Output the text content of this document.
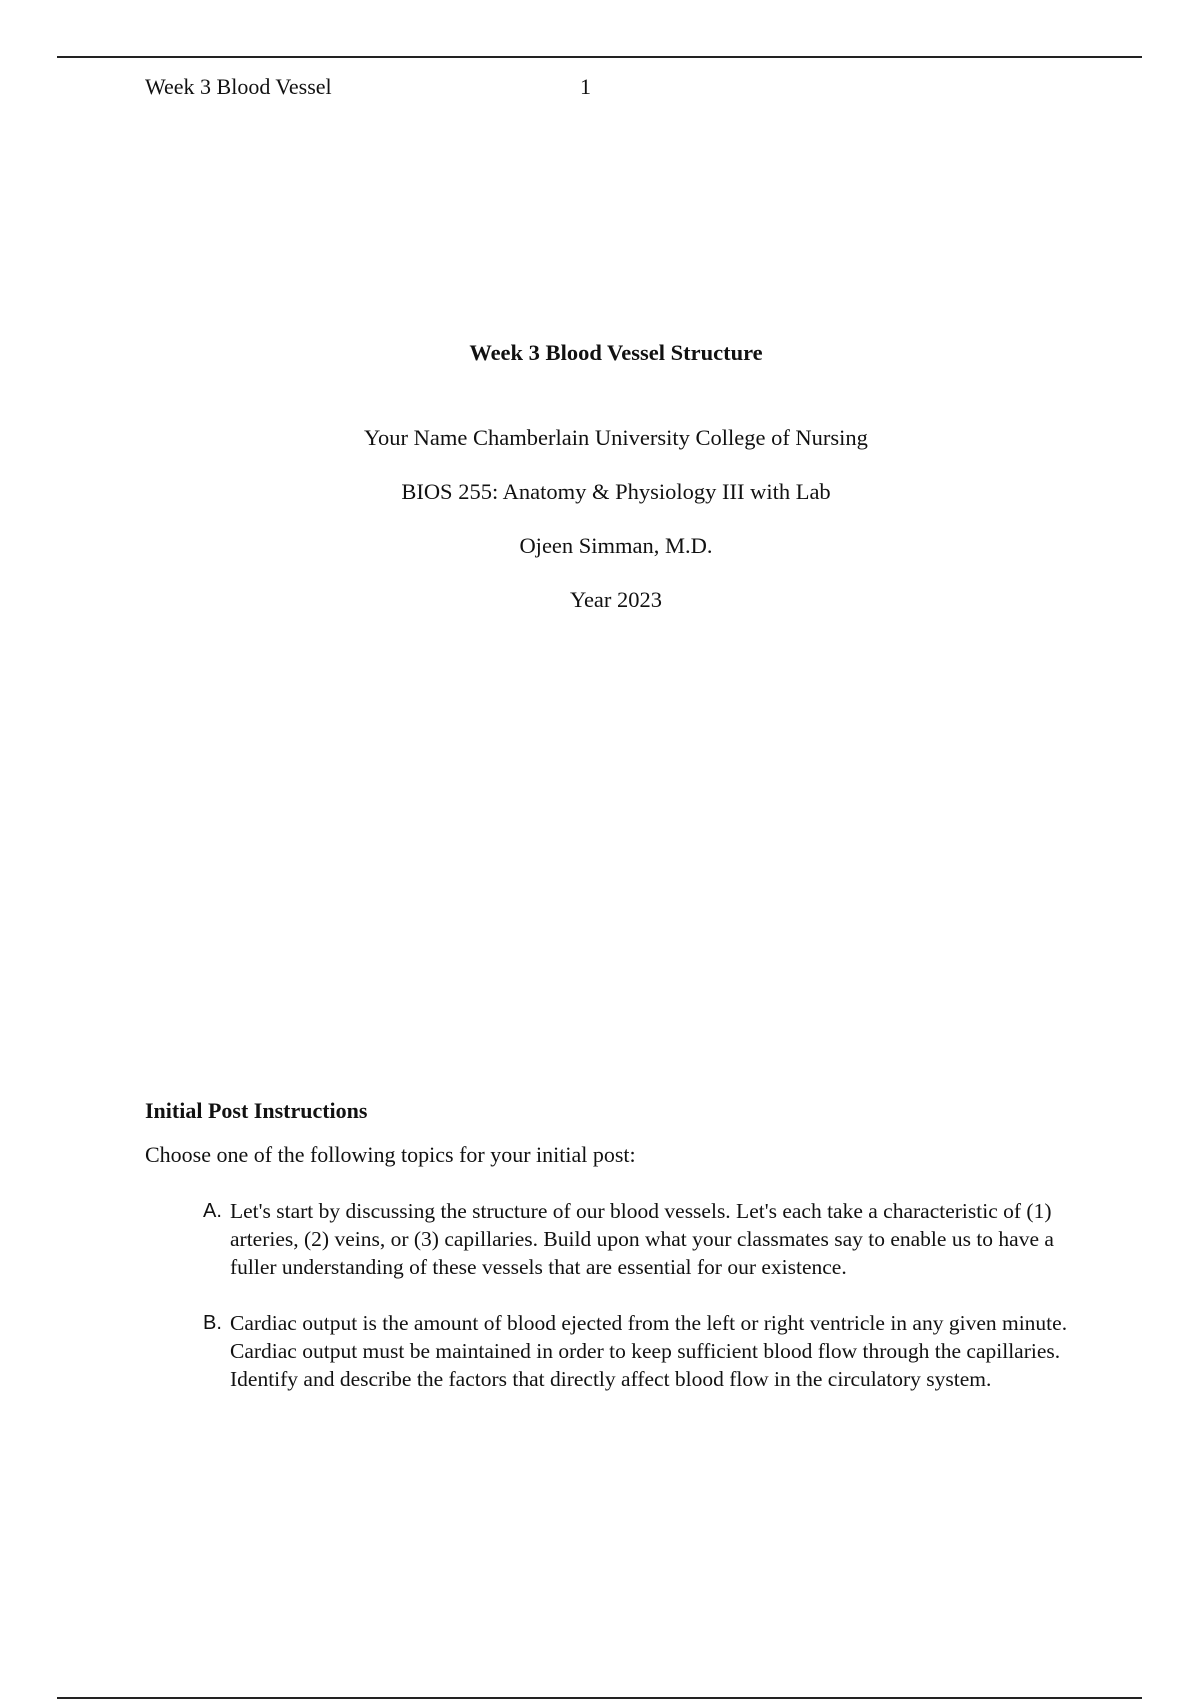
Week 3 Blood Vessel	1

Week 3 Blood Vessel Structure

Your Name Chamberlain University College of Nursing

BIOS 255: Anatomy & Physiology III with Lab

Ojeen Simman, M.D.

Year 2023

Initial Post Instructions
Choose one of the following topics for your initial post:
A. Let's start by discussing the structure of our blood vessels. Let's each take a characteristic of (1) arteries, (2) veins, or (3) capillaries. Build upon what your classmates say to enable us to have a fuller understanding of these vessels that are essential for our existence.
B. Cardiac output is the amount of blood ejected from the left or right ventricle in any given minute. Cardiac output must be maintained in order to keep sufficient blood flow through the capillaries. Identify and describe the factors that directly affect blood flow in the circulatory system.
